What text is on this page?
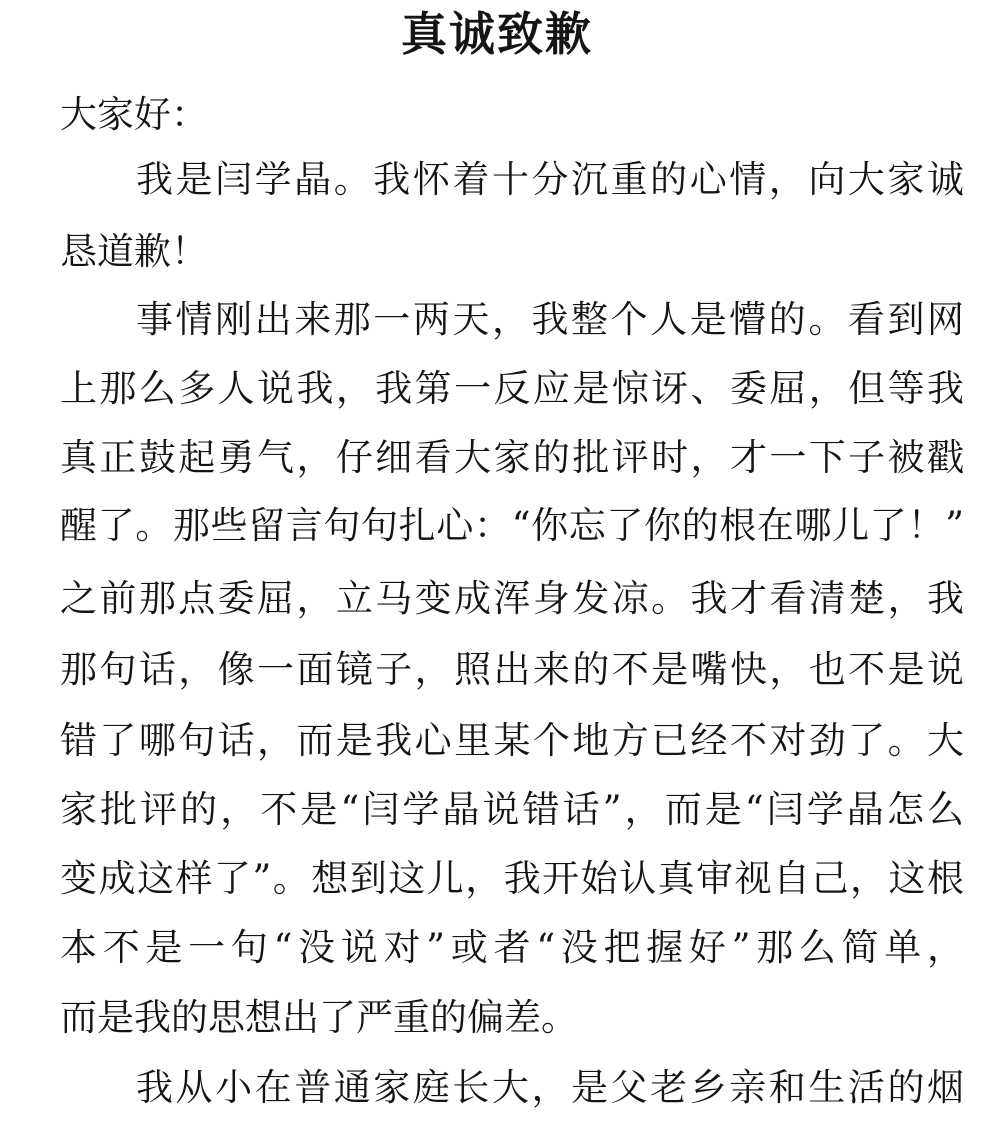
真诚致歉

大家好：

我是闫学晶。我怀着十分沉重的心情，向大家诚

恳道歉！

事情刚出来那一两天，我整个人是懵的。看到网

上那么多人说我，我第一反应是惊讶、委屈，但等我

真正鼓起勇气，仔细看大家的批评时，才一下子被戳

醒了。那些留言句句扎心：“你忘了你的根在哪儿了！”

之前那点委屈，立马变成浑身发凉。我才看清楚，我

那句话，像一面镜子，照出来的不是嘴快，也不是说

错了哪句话，而是我心里某个地方已经不对劲了。大

家批评的，不是“闫学晶说错话”，而是“闫学晶怎么

变成这样了”。想到这儿，我开始认真审视自己，这根

本不是一句“没说对”或者“没把握好”那么简单，

而是我的思想出了严重的偏差。

我从小在普通家庭长大，是父老乡亲和生活的烟
